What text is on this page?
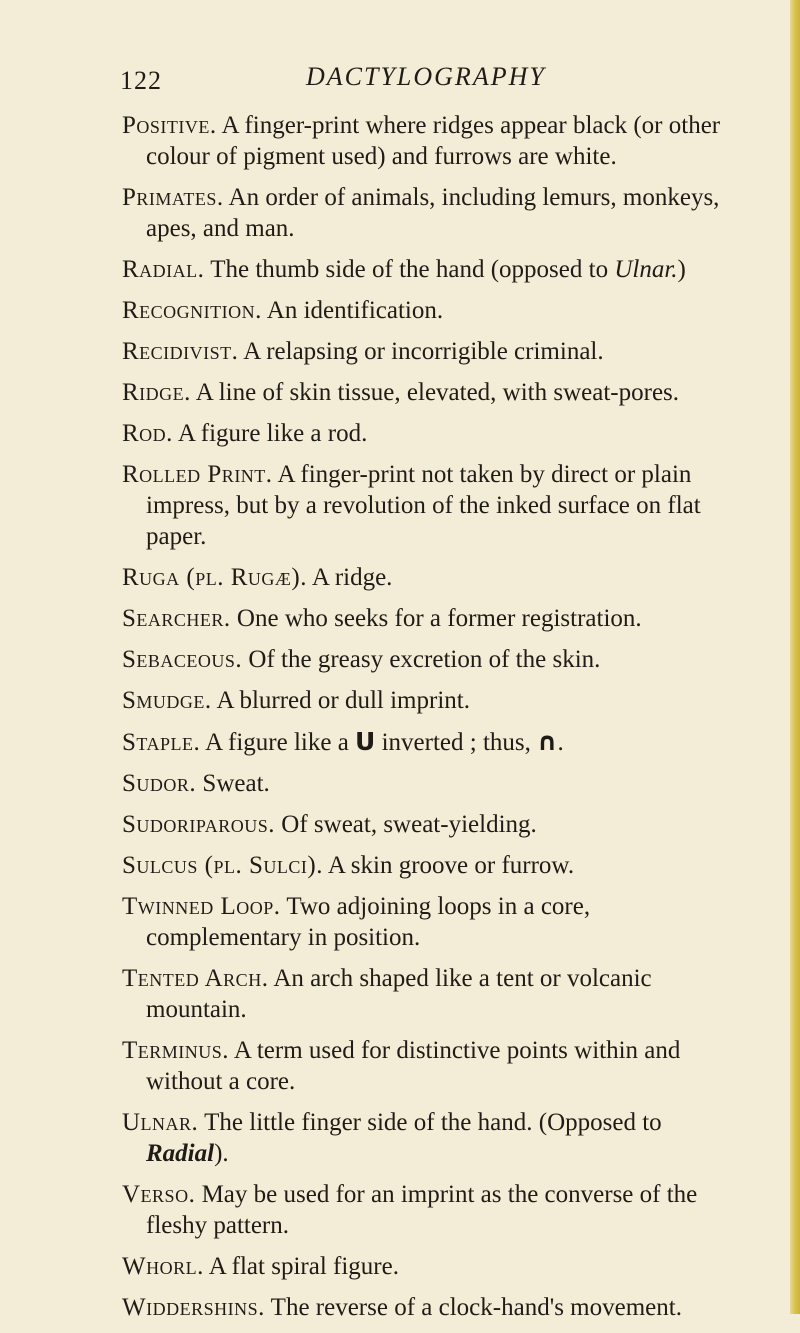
122	DACTYLOGRAPHY
Positive. A finger-print where ridges appear black (or other colour of pigment used) and furrows are white.
Primates. An order of animals, including lemurs, monkeys, apes, and man.
Radial. The thumb side of the hand (opposed to Ulnar.)
Recognition. An identification.
Recidivist. A relapsing or incorrigible criminal.
Ridge. A line of skin tissue, elevated, with sweat-pores.
Rod. A figure like a rod.
Rolled Print. A finger-print not taken by direct or plain impress, but by a revolution of the inked surface on flat paper.
Ruga (pl. Rugæ). A ridge.
Searcher. One who seeks for a former registration.
Sebaceous. Of the greasy excretion of the skin.
Smudge. A blurred or dull imprint.
Staple. A figure like a U inverted ; thus, ∩.
Sudor. Sweat.
Sudoriparous. Of sweat, sweat-yielding.
Sulcus (pl. Sulci). A skin groove or furrow.
Twinned Loop. Two adjoining loops in a core, complementary in position.
Tented Arch. An arch shaped like a tent or volcanic mountain.
Terminus. A term used for distinctive points within and without a core.
Ulnar. The little finger side of the hand. (Opposed to Radial).
Verso. May be used for an imprint as the converse of the fleshy pattern.
Whorl. A flat spiral figure.
Widdershins. The reverse of a clock-hand's movement.
